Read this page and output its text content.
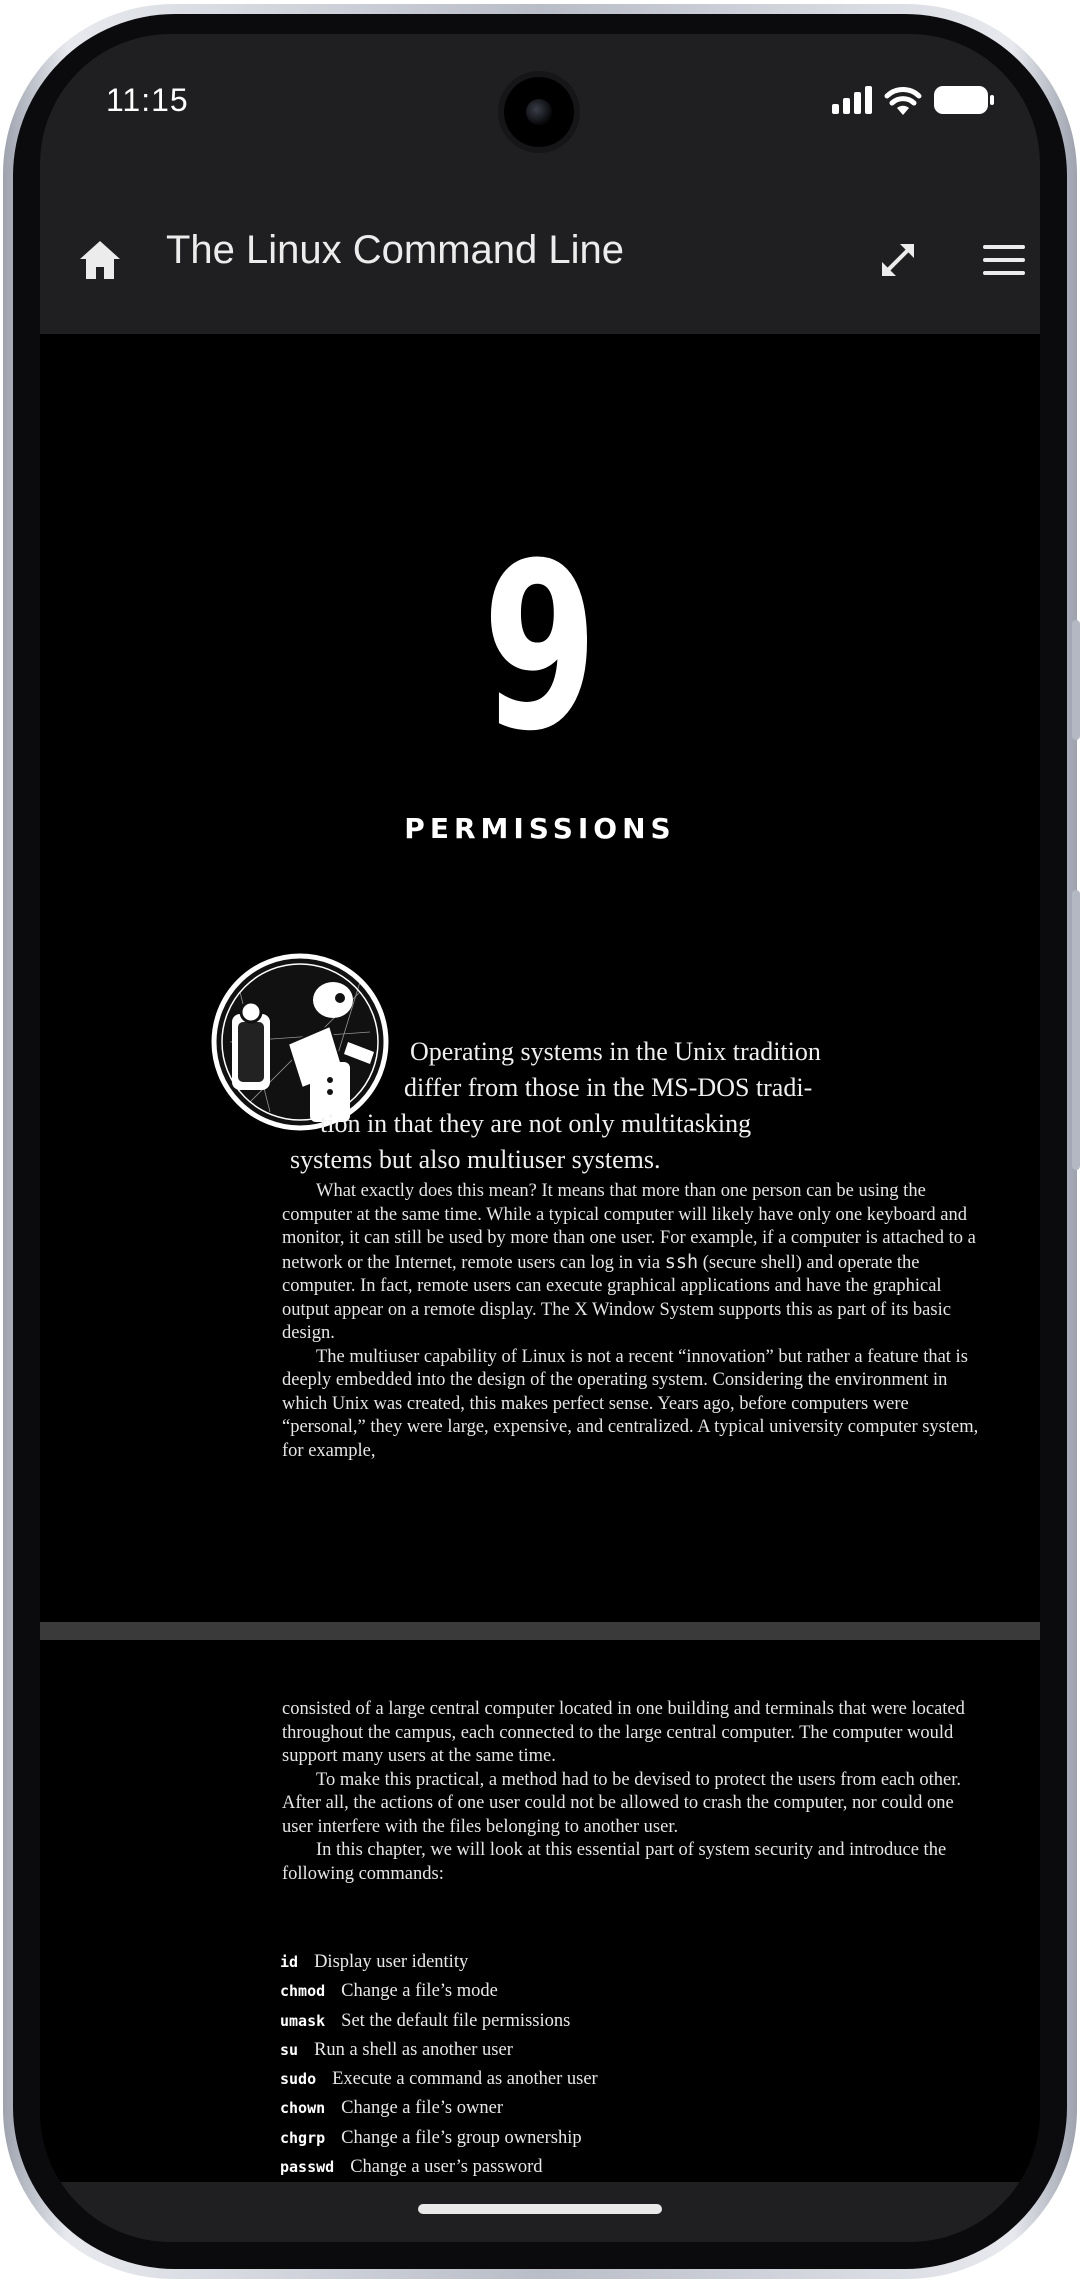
11:15
The Linux Command Line
9
PERMISSIONS
Operating systems in the Unix tradition
differ from those in the MS-DOS tradi-
tion in that they are not only multitasking
systems but also multiuser systems.

What exactly does this mean? It means that more than one person can be using the computer at the same time. While a typical computer will likely have only one keyboard and monitor, it can still be used by more than one user. For example, if a computer is attached to a network or the Internet, remote users can log in via ssh (secure shell) and operate the computer. In fact, remote users can execute graphical applications and have the graphical output appear on a remote display. The X Window System supports this as part of its basic design.

The multiuser capability of Linux is not a recent “innovation” but rather a feature that is deeply embedded into the design of the operating system. Considering the environment in which Unix was created, this makes perfect sense. Years ago, before computers were “personal,” they were large, expensive, and centralized. A typical university computer system, for example,

consisted of a large central computer located in one building and terminals that were located throughout the campus, each connected to the large central computer. The computer would support many users at the same time.

To make this practical, a method had to be devised to protect the users from each other. After all, the actions of one user could not be allowed to crash the computer, nor could one user interfere with the files belonging to another user.

In this chapter, we will look at this essential part of system security and introduce the following commands:

id Display user identity
chmod Change a file’s mode
umask Set the default file permissions
su Run a shell as another user
sudo Execute a command as another user
chown Change a file’s owner
chgrp Change a file’s group ownership
passwd Change a user’s password
